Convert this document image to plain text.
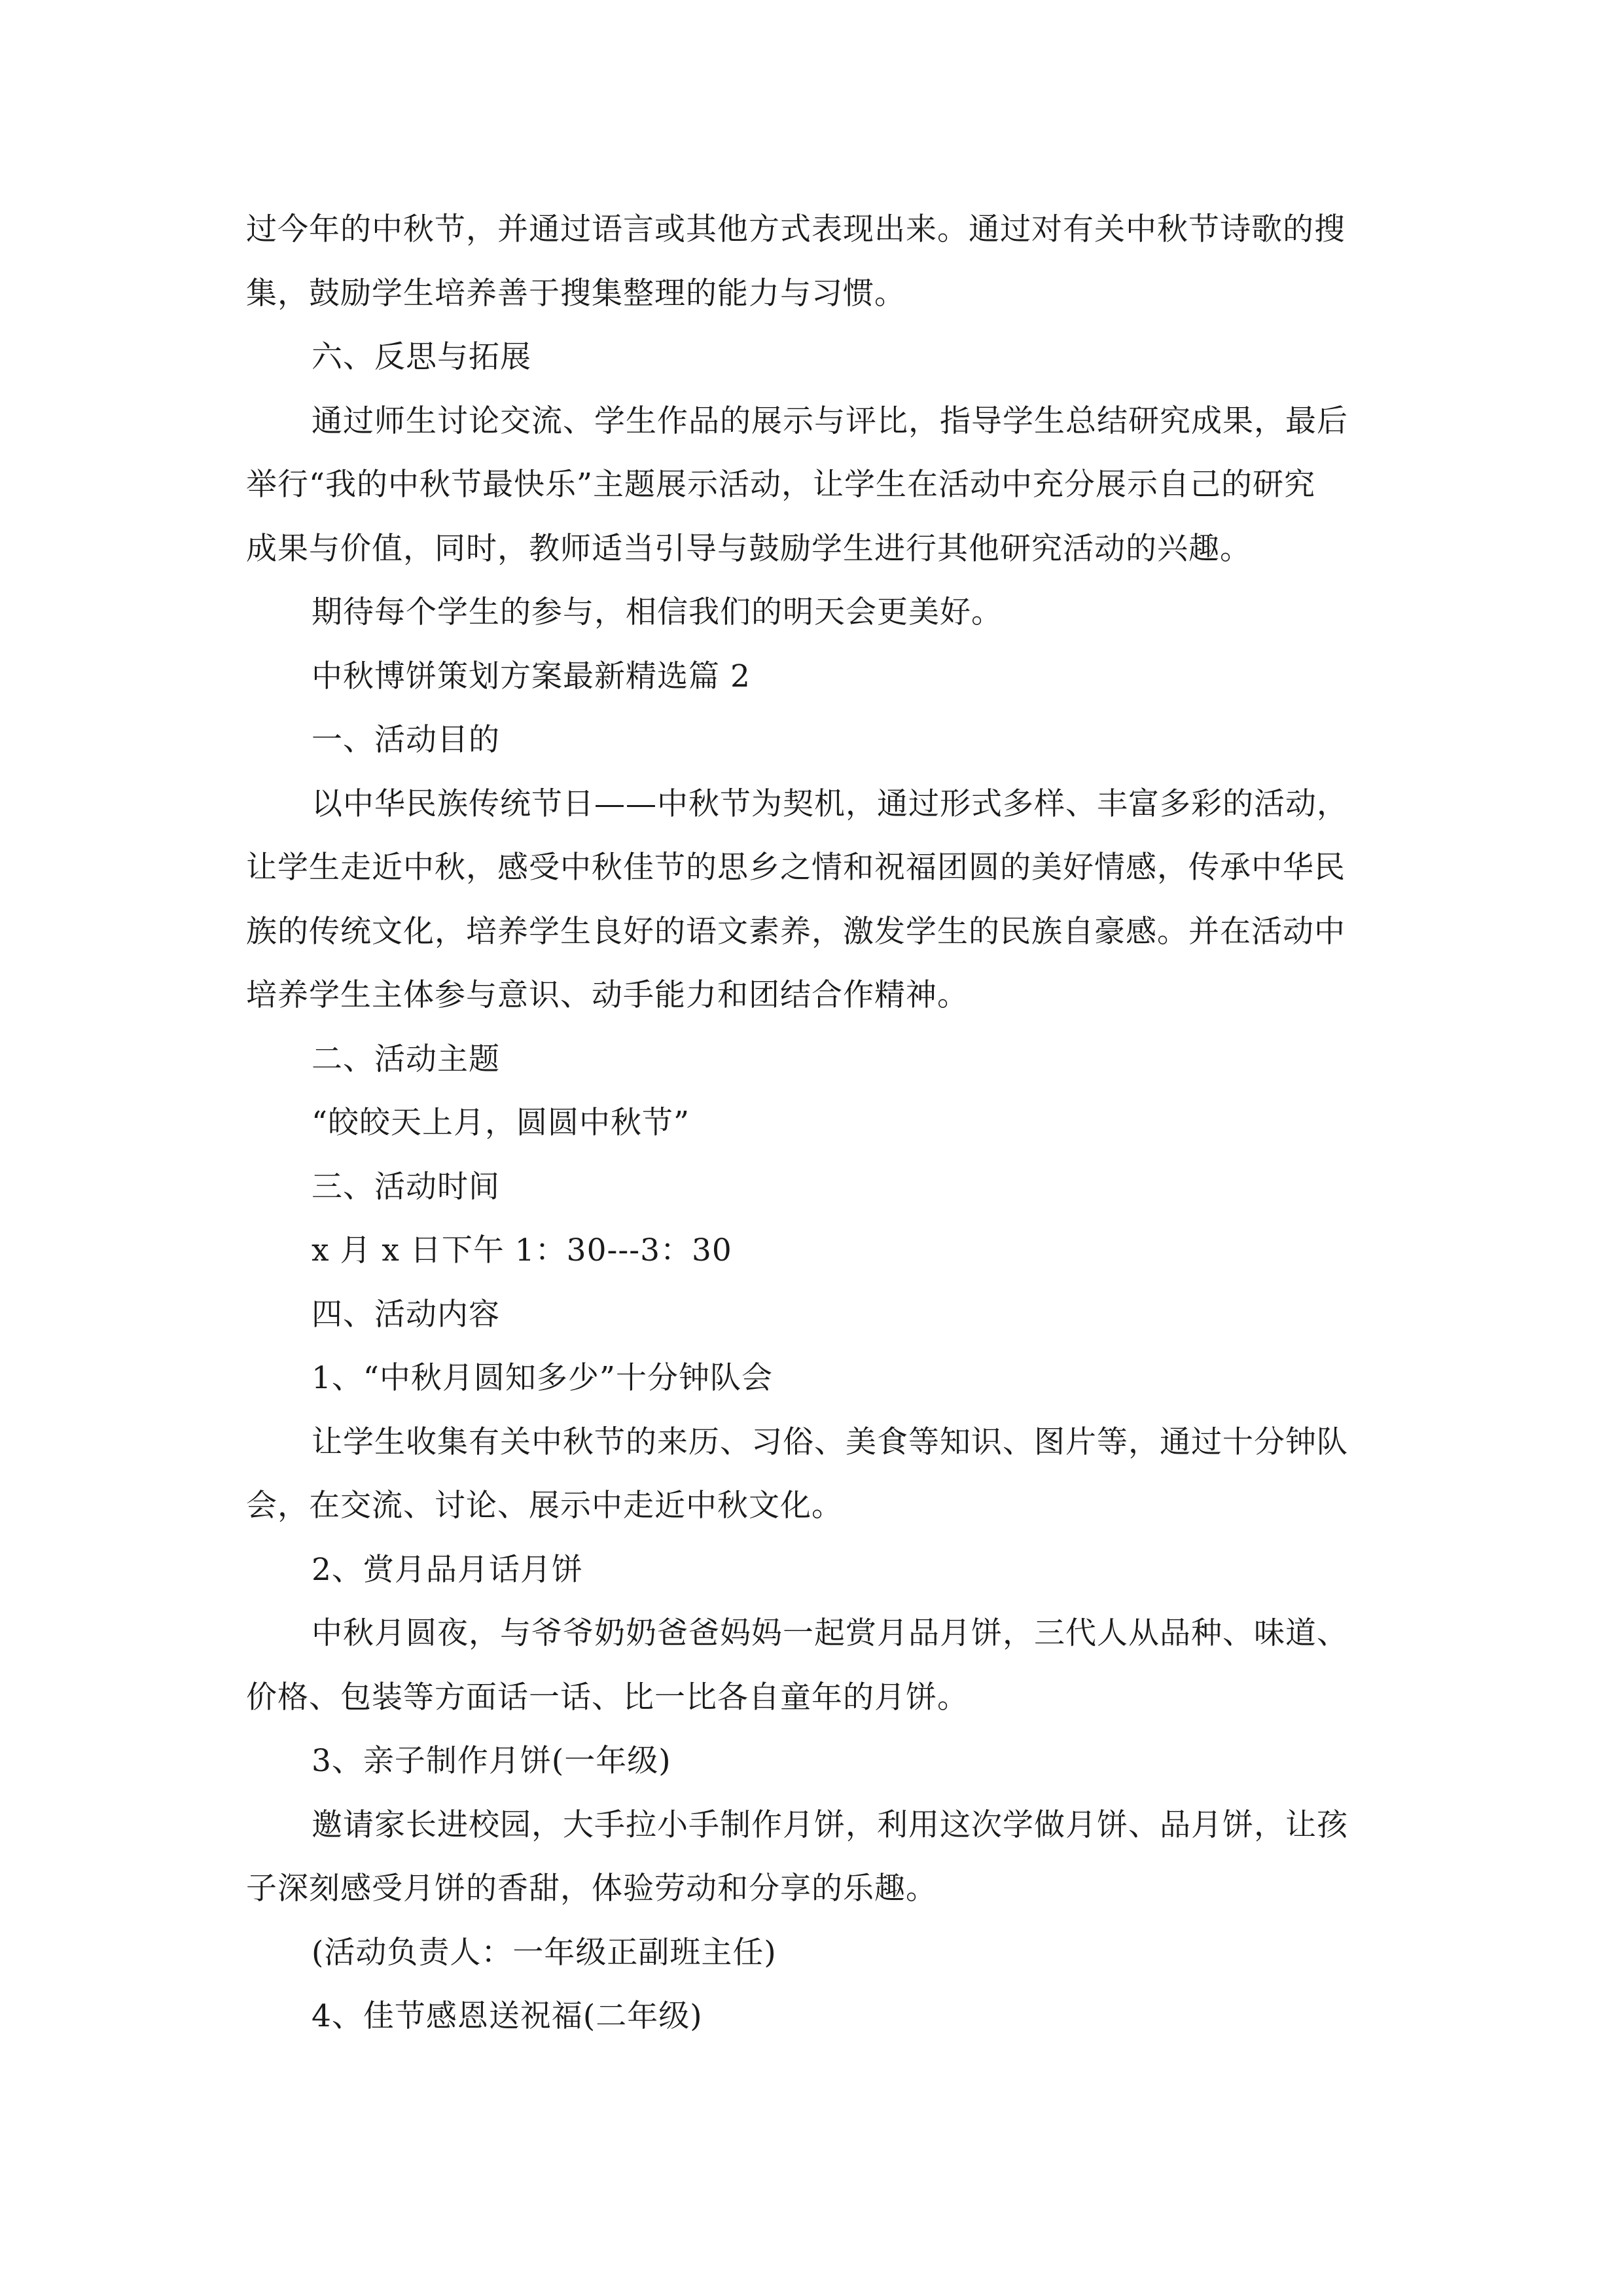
过今年的中秋节，并通过语言或其他方式表现出来。通过对有关中秋节诗歌的搜
集，鼓励学生培养善于搜集整理的能力与习惯。
六、反思与拓展
通过师生讨论交流、学生作品的展示与评比，指导学生总结研究成果，最后
举行“我的中秋节最快乐”主题展示活动，让学生在活动中充分展示自己的研究
成果与价值，同时，教师适当引导与鼓励学生进行其他研究活动的兴趣。
期待每个学生的参与，相信我们的明天会更美好。
中秋博饼策划方案最新精选篇 2
一、活动目的
以中华民族传统节日——中秋节为契机，通过形式多样、丰富多彩的活动，
让学生走近中秋，感受中秋佳节的思乡之情和祝福团圆的美好情感，传承中华民
族的传统文化，培养学生良好的语文素养，激发学生的民族自豪感。并在活动中
培养学生主体参与意识、动手能力和团结合作精神。
二、活动主题
“皎皎天上月，圆圆中秋节”
三、活动时间
x 月 x 日下午 1：30---3：30
四、活动内容
1、“中秋月圆知多少”十分钟队会
让学生收集有关中秋节的来历、习俗、美食等知识、图片等，通过十分钟队
会，在交流、讨论、展示中走近中秋文化。
2、赏月品月话月饼
中秋月圆夜，与爷爷奶奶爸爸妈妈一起赏月品月饼，三代人从品种、味道、
价格、包装等方面话一话、比一比各自童年的月饼。
3、亲子制作月饼(一年级)
邀请家长进校园，大手拉小手制作月饼，利用这次学做月饼、品月饼，让孩
子深刻感受月饼的香甜，体验劳动和分享的乐趣。
(活动负责人：一年级正副班主任)
4、佳节感恩送祝福(二年级)
